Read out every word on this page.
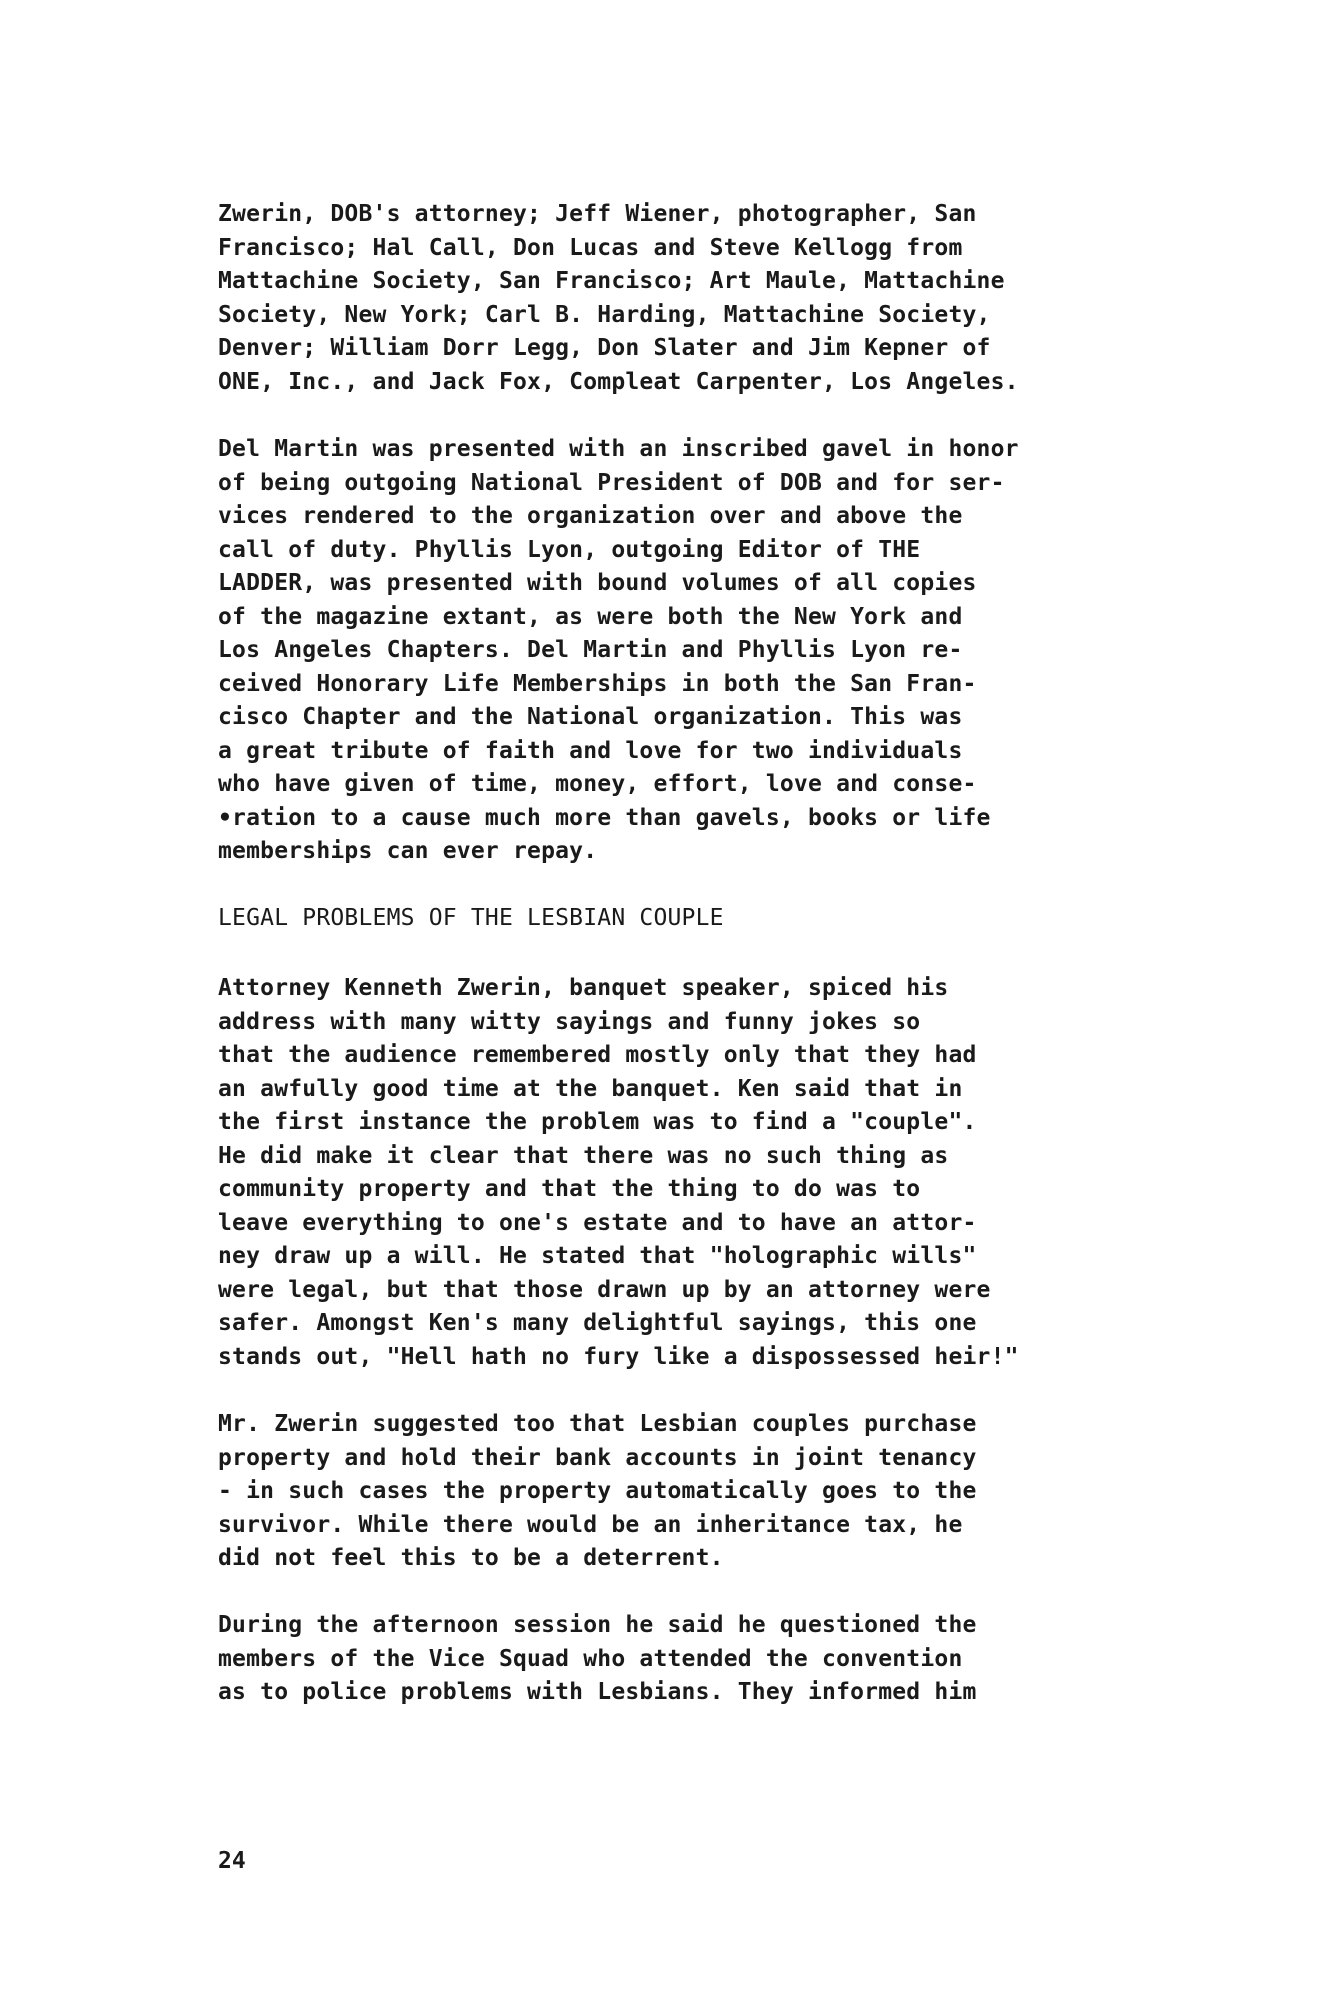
Zwerin, DOB's attorney; Jeff Wiener, photographer, San
Francisco; Hal Call, Don Lucas and Steve Kellogg from
Mattachine Society, San Francisco; Art Maule, Mattachine
Society, New York; Carl B. Harding, Mattachine Society,
Denver; William Dorr Legg, Don Slater and Jim Kepner of
ONE, Inc., and Jack Fox, Compleat Carpenter, Los Angeles.
Del Martin was presented with an inscribed gavel in honor
of being outgoing National President of DOB and for ser-
vices rendered to the organization over and above the
call of duty. Phyllis Lyon, outgoing Editor of THE
LADDER, was presented with bound volumes of all copies
of the magazine extant, as were both the New York and
Los Angeles Chapters. Del Martin and Phyllis Lyon re-
ceived Honorary Life Memberships in both the San Fran-
cisco Chapter and the National organization. This was
a great tribute of faith and love for two individuals
who have given of time, money, effort, love and conse-
•ration to a cause much more than gavels, books or life
memberships can ever repay.
LEGAL PROBLEMS OF THE LESBIAN COUPLE
Attorney Kenneth Zwerin, banquet speaker, spiced his
address with many witty sayings and funny jokes so
that the audience remembered mostly only that they had
an awfully good time at the banquet. Ken said that in
the first instance the problem was to find a "couple".
He did make it clear that there was no such thing as
community property and that the thing to do was to
leave everything to one's estate and to have an attor-
ney draw up a will. He stated that "holographic wills"
were legal, but that those drawn up by an attorney were
safer. Amongst Ken's many delightful sayings, this one
stands out, "Hell hath no fury like a dispossessed heir!"
Mr. Zwerin suggested too that Lesbian couples purchase
property and hold their bank accounts in joint tenancy
- in such cases the property automatically goes to the
survivor. While there would be an inheritance tax, he
did not feel this to be a deterrent.
During the afternoon session he said he questioned the
members of the Vice Squad who attended the convention
as to police problems with Lesbians. They informed him
24
